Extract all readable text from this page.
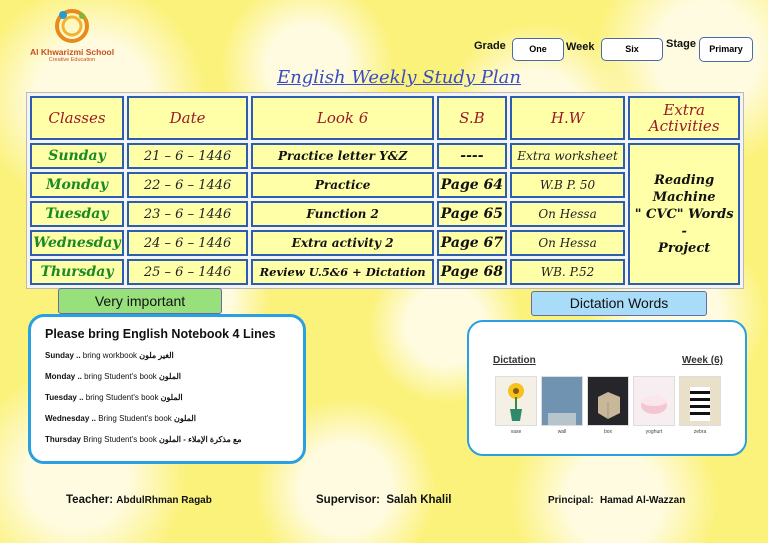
Al Khwarizmi School
Creative Education
Grade	One	Week	Six	Stage	Primary
English Weekly Study Plan
Classes	Date	Look 6	S.B	H.W	Extra Activities
Sunday	21 – 6 – 1446	Practice letter Y&Z	----	Extra worksheet	Reading
Machine
" CVC" Words -
Project

Monday	22 – 6 – 1446	Practice	Page 64	W.B P. 50	
Tuesday	23 – 6 – 1446	Function 2	Page 65	On Hessa	
Wednesday	24 – 6 – 1446	Extra activity 2	Page 67	On Hessa	
Thursday	25 – 6 – 1446	Review U.5&6 + Dictation	Page 68	WB. P.52	
Very important	Dictation Words
Please bring English Notebook 4 Lines
Sunday .. bring workbook الغير ملون
Monday .. bring Student's book الملون
Tuesday .. bring Student's book الملون
Wednesday .. Bring Student's book الملون
Thursday Bring Student's book مع مذكرة الإملاء - الملون
Dictation	Week (6)
vase	wall	box	yoghurt	zebra
Teacher: AbdulRhman Ragab	Supervisor: Salah Khalil	Principal: Hamad Al-Wazzan
